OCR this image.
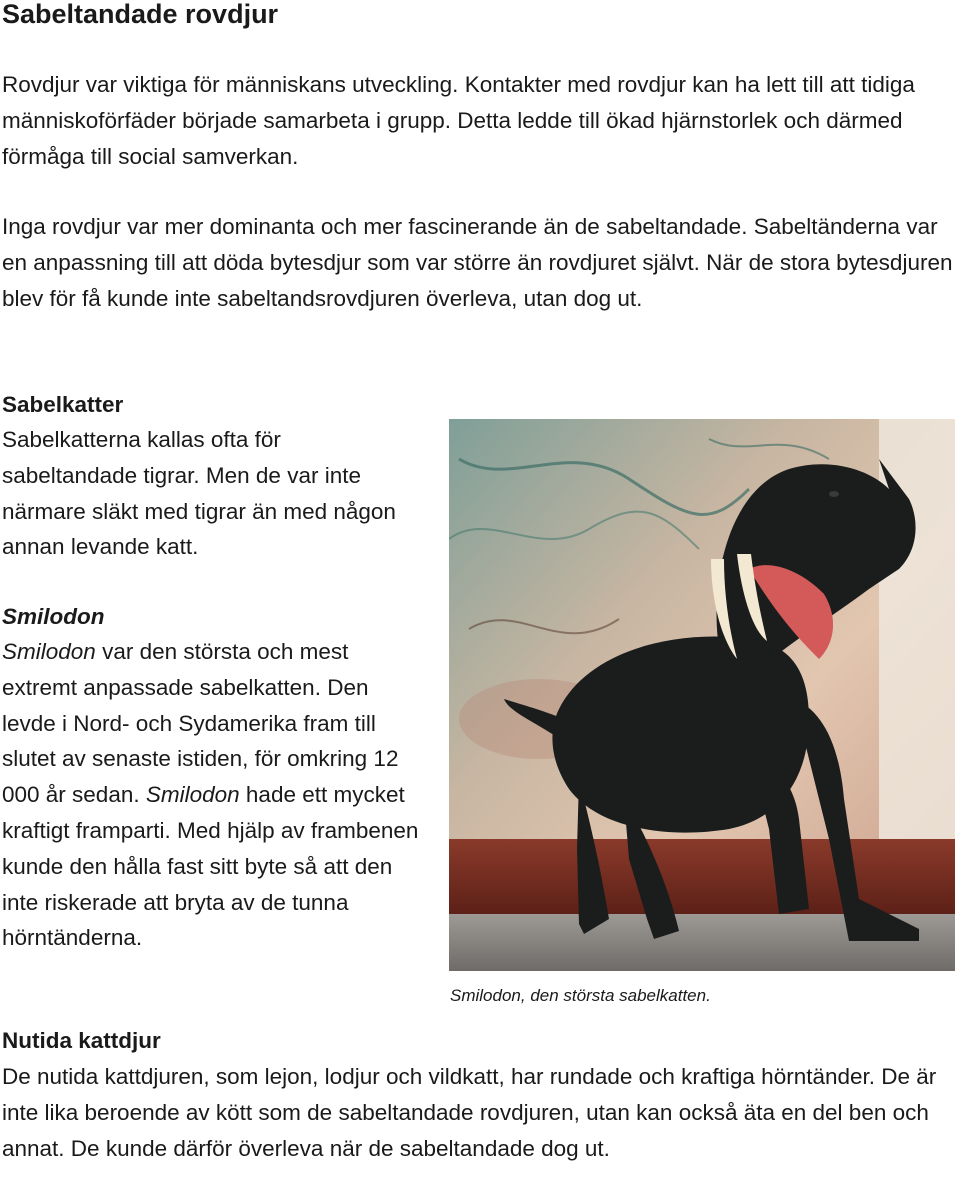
Sabeltandade rovdjur

Rovdjur var viktiga för människans utveckling. Kontakter med rovdjur kan ha lett till att tidiga människoförfäder började samarbeta i grupp. Detta ledde till ökad hjärnstorlek och därmed förmåga till social samverkan.

Inga rovdjur var mer dominanta och mer fascinerande än de sabeltandade. Sabeltänderna var en anpassning till att döda bytesdjur som var större än rovdjuret självt. När de stora bytesdjuren blev för få kunde inte sabeltandsrovdjuren överleva, utan dog ut.

Sabelkatter

Sabelkatterna kallas ofta för sabeltandade tigrar. Men de var inte närmare släkt med tigrar än med någon annan levande katt.

Smilodon

Smilodon var den största och mest extremt anpassade sabelkatten. Den levde i Nord- och Sydamerika fram till slutet av senaste istiden, för omkring 12 000 år sedan. Smilodon hade ett mycket kraftigt framparti. Med hjälp av frambenen kunde den hålla fast sitt byte så att den inte riskerade att bryta av de tunna hörntänderna.

Smilodon, den största sabelkatten.

Nutida kattdjur

De nutida kattdjuren, som lejon, lodjur och vildkatt, har rundade och kraftiga hörntänder. De är inte lika beroende av kött som de sabeltandade rovdjuren, utan kan också äta en del ben och annat. De kunde därför överleva när de sabeltandade dog ut.
